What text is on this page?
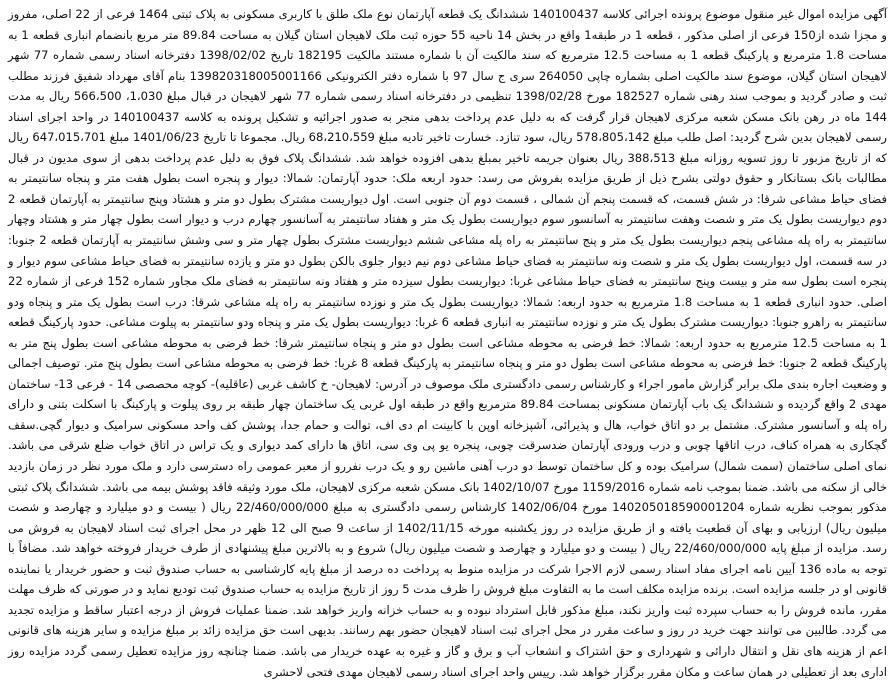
آگهی مزایده اموال غیر منقول موضوع پرونده اجرائی کلاسه 140100437 ششدانگ یک قطعه آپارتمان نوع ملک طلق با کاربری مسکونی به پلاک ثبتی 1464 فرعی از 22 اصلی، مفروز و مجزا شده از150 فرعی از اصلی مذکور ، قطعه 1 در طبقه1 واقع در بخش 14 ناحیه 55 حوزه ثبت ملک لاهیجان استان گیلان به مساحت 89.84 متر مربع بانضمام انباری قطعه 1 به مساحت 1.8 مترمربع و پارکینگ قطعه 1 به مساحت 12.5 مترمربع که سند مالکیت آن با شماره مستند مالکیت 182195 تاریخ 1398/02/02 دفترخانه اسناد رسمی شماره 77 شهر لاهیجان استان گیلان، موضوع سند مالکیت اصلی بشماره چاپی 264050 سری ج سال 97 با شماره دفتر الکترونیکی 139820318005001166 بنام آقای مهرداد شفیق فرزند مطلب ثبت و صادر گردید و بموجب سند رهنی شماره 182527 مورخ 1398/02/28 تنظیمی در دفترخانه اسناد رسمی شماره 77 شهر لاهیجان در قبال مبلغ 1،030، 566،500 ریال به مدت 144 ماه در رهن بانک مسکن شعبه مرکزی لاهیجان قرار گرفت که به دلیل عدم پرداخت بدهی منجر به صدور اجرائیه و تشکیل پرونده به کلاسه 140100437 در واحد اجرای اسناد رسمی لاهیجان بدین شرح گردید: اصل طلب مبلغ 578،805،142 ریال، سود تنازد. خسارت تاخیر تادیه مبلغ 68،210،559 ریال. مجموعا تا تاریخ 1401/06/23 مبلغ 647،015،701 ریال که از تاریخ مزبور تا روز تسویه روزانه مبلغ 388،513 ریال بعنوان جریمه تاخیر بمبلغ بدهی افزوده خواهد شد. ششدانگ پلاک فوق به دلیل عدم پرداخت بدهی از سوی مدیون در قبال مطالبات بانک بستانکار و حقوق دولتی بشرح ذیل از طریق مزایده بفروش می رسد: حدود اربعه ملک: حدود آپارتمان: شمالا: دیوار و پنجره است بطول هفت متر و پنجاه سانتیمتر به فضای حیاط مشاعی شرقا: در شش قسمت، که قسمت پنجم آن شمالی ، قسمت دوم آن جنوبی است. اول دیواریست مشترک بطول دو متر و هشتاد وپنج سانتیمتر به آپارتمان قطعه 2 دوم دیواریست بطول یک متر و شصت وهفت سانتیمتر به آسانسور سوم دیواریست بطول یک متر و هفتاد سانتیمتر به آسانسور چهارم درب و دیوار است بطول چهار متر و هشتاد وچهار سانتیمتر به راه پله مشاعی پنجم دیواریست بطول یک متر و پنج سانتیمتر به راه پله مشاعی ششم دیواریست مشترک بطول چهار متر و سی وشش سانتیمتر به آپارتمان قطعه 2 جنوبا: در سه قسمت، اول دیواریست بطول یک متر و شصت ونه سانتیمتر به فضای حیاط مشاعی دوم نیم دیوار جلوی بالکن بطول دو متر و یازده سانتیمتر به فضای حیاط مشاعی سوم دیوار و پنجره است بطول سه متر و بیست وپنج سانتیمتر به فضای حیاط مشاعی غربا: دیواریست بطول سیزده متر و هفتاد ونه سانتیمتر به فضای ملک مجاور شماره 152 فرعی از شماره 22 اصلی. حدود انباری قطعه 1 به مساحت 1.8 مترمربع به حدود اربعه: شمالا: دیواریست بطول یک متر و نوزده سانتیمتر به راه پله مشاعی شرقا: درب است بطول یک متر و پنجاه ودو سانتیمتر به راهرو جنوبا: دیواریست مشترک بطول یک متر و نوزده سانتیمتر به انباری قطعه 6 غربا: دیواریست بطول یک متر و پنجاه ودو سانتیمتر به پیلوت مشاعی. حدود پارکینگ قطعه 1 به مساحت 12.5 مترمربع به حدود اربعه: شمالا: خط فرضی به محوطه مشاعی است بطول دو متر و پنجاه سانتیمتر شرقا: خط فرضی به محوطه مشاعی است بطول پنج متر به پارکینگ قطعه 2 جنوبا: خط فرضی به محوطه مشاعی است بطول دو متر و پنجاه سانتیمتر به پارکینگ قطعه 8 غربا: خط فرضی به محوطه مشاعی است بطول پنج متر. توصیف اجمالی و وضعیت اجاره بندی ملک برابر گزارش مامور اجراء و کارشناس رسمی دادگستری ملک موصوف در آدرس: لاهیجان- خ کاشف غربی (عاقلیه)- کوچه محصصی 14 - فرعی 13- ساختمان مهدی 2 واقع گردیده و ششدانگ یک باب آپارتمان مسکونی بمساحت 89.84 مترمربع واقع در طبقه اول غربی یک ساختمان چهار طبقه بر روی پیلوت و پارکینگ با اسکلت بتنی و دارای راه پله و آسانسور مشترک. مشتمل بر دو اتاق خواب، هال و پذیرائی، آشپزخانه اوپن با کابینت ام دی اف، توالت و حمام جدا، پوشش کف واحد مسکونی سرامیک و دیوار گچی.سقف گچکاری به همراه کناف، درب اتاقها چوبی و درب ورودی آپارتمان ضدسرقت چوبی، پنجره یو پی وی سی، اتاق ها دارای کمد دیواری و یک تراس در اتاق خواب ضلع شرقی می باشد. نمای اصلی ساختمان (سمت شمال) سرامیک بوده و کل ساختمان توسط دو درب آهنی ماشین رو و یک درب نفررو از معبر عمومی راه دسترسی دارد و ملک مورد نظر در زمان بازدید خالی از سکنه می باشد. ضمنا بموجب نامه شماره 1159/2016 مورخ 1402/10/07 بانک مسکن شعبه مرکزی لاهیجان، ملک مورد وثیقه فاقد پوشش بیمه می باشد. ششدانگ پلاک ثبتی مذکور بموجب نظریه شماره 140205018590001204 مورخ 1402/06/04 کارشناس رسمی دادگستری به مبلغ 22/460/000/000 ریال ( بیست و دو میلیارد و چهارصد و شصت میلیون ریال) ارزیابی و بهای آن قطعیت یافته و از طریق مزایده در روز یکشنبه مورخه 1402/11/15 از ساعت 9 صبح الی 12 ظهر در محل اجرای ثبت اسناد لاهیجان به فروش می رسد. مزایده از مبلغ پایه 22/460/000/000 ریال ( بیست و دو میلیارد و چهارصد و شصت میلیون ریال) شروع و به بالاترین مبلغ پیشنهادی از طرف خریدار فروخته خواهد شد. مضافاً با توجه به ماده 136 آیین نامه اجرای مفاد اسناد رسمی لازم الاجرا شرکت در مزایده منوط به پرداخت ده درصد از مبلغ پایه کارشناسی به حساب صندوق ثبت و حضور خریدار یا نماینده قانونی او در جلسه مزایده است. برنده مزایده مکلف است ما به التفاوت مبلغ فروش را ظرف مدت 5 روز از تاریخ مزایده به حساب صندوق ثبت تودیع نماید و در صورتی که ظرف مهلت مقرر، مانده فروش را به حساب سپرده ثبت واریز نکند، مبلغ مذکور قابل استرداد نبوده و به حساب خزانه واریز خواهد شد. ضمنا عملیات فروش از درجه اعتبار ساقط و مزایده تجدید می گردد. طالبین می توانند جهت خرید در روز و ساعت مقرر در محل اجرای ثبت اسناد لاهیجان حضور بهم رسانند. بدیهی است حق مزایده زائد بر مبلغ مزایده و سایر هزینه های قانونی اعم از هزینه های نقل و انتقال دارائی و شهرداری و حق اشتراک و انشعاب آب و برق و گاز و غیره به عهده خریدار می باشد. ضمنا چنانچه روز مزایده تعطیل رسمی گردد مزایده روز اداری بعد از تعطیلی در همان ساعت و مکان مقرر برگزار خواهد شد. رییس واحد اجرای اسناد رسمی لاهیجان مهدی فتحی لاحشری
